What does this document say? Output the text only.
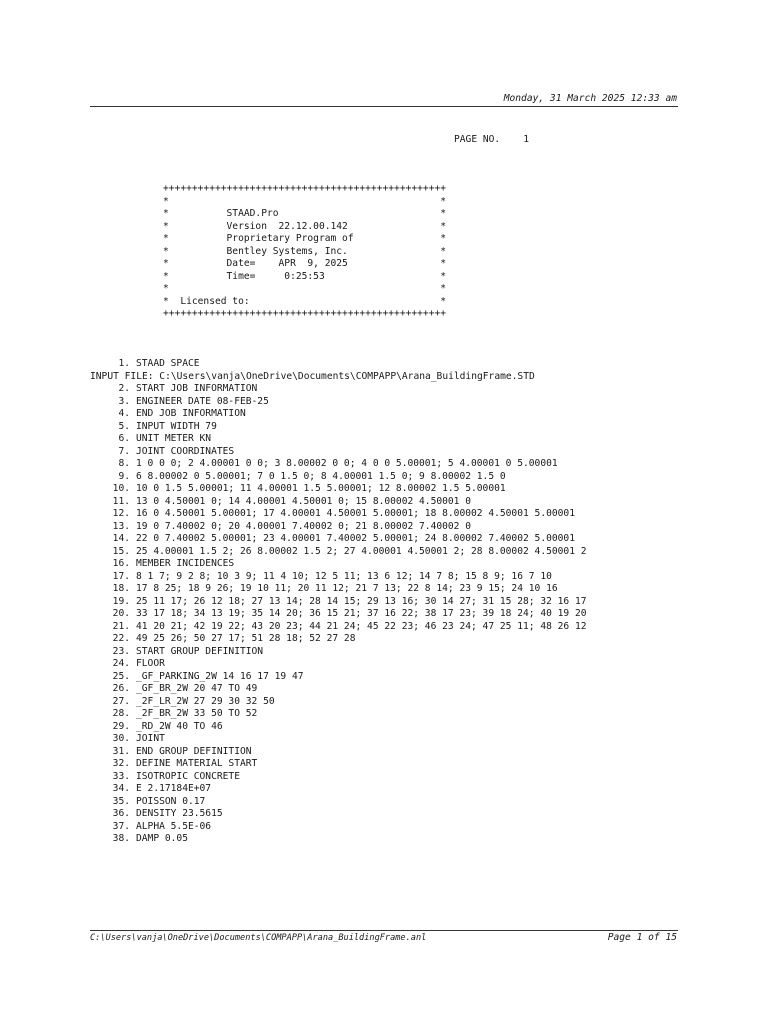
Monday, 31 March 2025 12:33 am
PAGE NO.    1
+++++++++++++++++++++++++++++++++++++++++++++++++
*                                               *
*          STAAD.Pro                            *
*          Version  22.12.00.142                *
*          Proprietary Program of               *
*          Bentley Systems, Inc.                *
*          Date=    APR  9, 2025                *
*          Time=     0:25:53                    *
*                                               *
*  Licensed to:                                 *
+++++++++++++++++++++++++++++++++++++++++++++++++
1. STAAD SPACE
INPUT FILE: C:\Users\vanja\OneDrive\Documents\COMPAPP\Arana_BuildingFrame.STD
2. START JOB INFORMATION
3. ENGINEER DATE 08-FEB-25
4. END JOB INFORMATION
5. INPUT WIDTH 79
6. UNIT METER KN
7. JOINT COORDINATES
8. 1 0 0 0; 2 4.00001 0 0; 3 8.00002 0 0; 4 0 0 5.00001; 5 4.00001 0 5.00001
9. 6 8.00002 0 5.00001; 7 0 1.5 0; 8 4.00001 1.5 0; 9 8.00002 1.5 0
10. 10 0 1.5 5.00001; 11 4.00001 1.5 5.00001; 12 8.00002 1.5 5.00001
11. 13 0 4.50001 0; 14 4.00001 4.50001 0; 15 8.00002 4.50001 0
12. 16 0 4.50001 5.00001; 17 4.00001 4.50001 5.00001; 18 8.00002 4.50001 5.00001
13. 19 0 7.40002 0; 20 4.00001 7.40002 0; 21 8.00002 7.40002 0
14. 22 0 7.40002 5.00001; 23 4.00001 7.40002 5.00001; 24 8.00002 7.40002 5.00001
15. 25 4.00001 1.5 2; 26 8.00002 1.5 2; 27 4.00001 4.50001 2; 28 8.00002 4.50001 2
16. MEMBER INCIDENCES
17. 8 1 7; 9 2 8; 10 3 9; 11 4 10; 12 5 11; 13 6 12; 14 7 8; 15 8 9; 16 7 10
18. 17 8 25; 18 9 26; 19 10 11; 20 11 12; 21 7 13; 22 8 14; 23 9 15; 24 10 16
19. 25 11 17; 26 12 18; 27 13 14; 28 14 15; 29 13 16; 30 14 27; 31 15 28; 32 16 17
20. 33 17 18; 34 13 19; 35 14 20; 36 15 21; 37 16 22; 38 17 23; 39 18 24; 40 19 20
21. 41 20 21; 42 19 22; 43 20 23; 44 21 24; 45 22 23; 46 23 24; 47 25 11; 48 26 12
22. 49 25 26; 50 27 17; 51 28 18; 52 27 28
23. START GROUP DEFINITION
24. FLOOR
25. _GF_PARKING_2W 14 16 17 19 47
26. _GF_BR_2W 20 47 TO 49
27. _2F_LR_2W 27 29 30 32 50
28. _2F_BR_2W 33 50 TO 52
29. _RD_2W 40 TO 46
30. JOINT
31. END GROUP DEFINITION
32. DEFINE MATERIAL START
33. ISOTROPIC CONCRETE
34. E 2.17184E+07
35. POISSON 0.17
36. DENSITY 23.5615
37. ALPHA 5.5E-06
38. DAMP 0.05
C:\Users\vanja\OneDrive\Documents\COMPAPP\Arana_BuildingFrame.anl	Page 1 of 15
